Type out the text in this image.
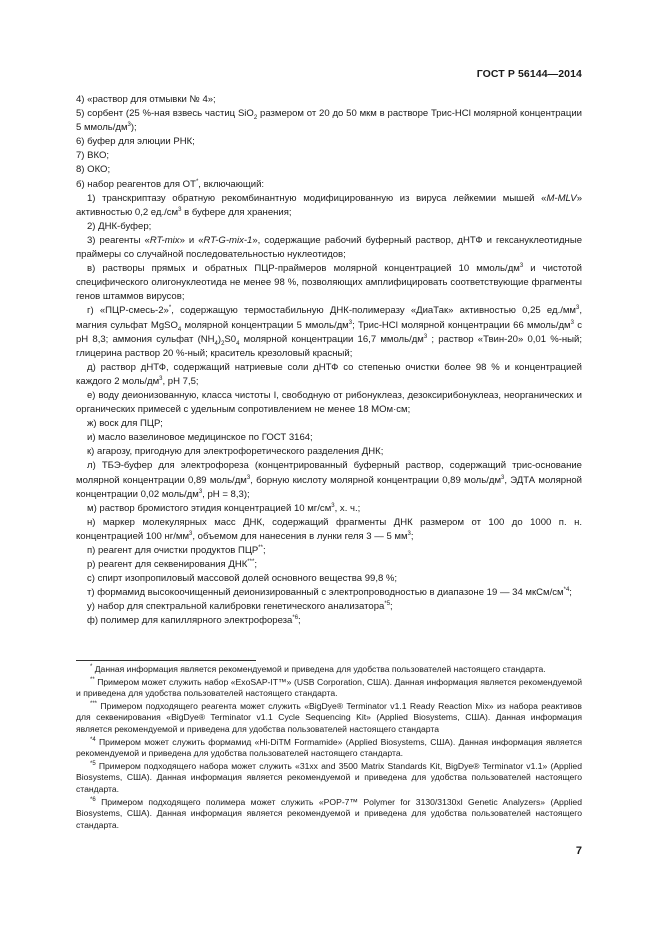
ГОСТ Р 56144—2014

4) «раствор для отмывки № 4»;

5) сорбент (25 %-ная взвесь частиц SiO$_2$ размером от 20 до 50 мкм в растворе Трис-HCl молярной концентрации 5 ммоль/$дм^3$);

6) буфер для элюции РНК;

7) ВКО;

8) ОКО;

б) набор реагентов для ОТ*, включающий:

1) транскриптазу обратную рекомбинантную модифицированную из вируса лейкемии мышей «M-MLV» активностью 0,2 $ед./см^3$ в буфере для хранения;

2) ДНК-буфер;

3) реагенты «RT-mix» и «RT-G-mix-1», содержащие рабочий буферный раствор, дНТФ и гексануклеотидные праймеры со случайной последовательностью нуклеотидов;

в) растворы прямых и обратных ПЦР-праймеров молярной концентрацией 10 ммоль/$дм^3$ и чистотой специфического олигонуклеотида не менее 98 %, позволяющих амплифицировать соответствующие фрагменты генов штаммов вирусов;

г) «ПЦР-смесь-2»*, содержащую термостабильную ДНК-полимеразу «ДиаТак» активностью 0,25 $ед./мм^3$, магния сульфат MgSO$_4$ молярной концентрации 5 ммоль/$дм^3$; Трис-HCl молярной концентрации 66 ммоль/$дм^3$ с pH 8,3; аммония сульфат $(NH_4)_2S0_4$ молярной концентрации 16,7 ммоль/$дм^3$ ; раствор «Твин-20» 0,01 %-ный; глицерина раствор 20 %-ный; краситель крезоловый красный;

д) раствор дНТФ, содержащий натриевые соли дНТФ со степенью очистки более 98 % и концентрацией каждого 2 моль/$дм^3$, pH 7,5;

е) воду деионизованную, класса чистоты I, свободную от рибонуклеаз, дезоксирибонуклеаз, неорганических и органических примесей с удельным сопротивлением не менее 18 МОм·см;

ж) воск для ПЦР;

и) масло вазелиновое медицинское по ГОСТ 3164;

к) агарозу, пригодную для электрофоретического разделения ДНК;

л) ТБЭ-буфер для электрофореза (концентрированный буферный раствор, содержащий трис-основание молярной концентрации 0,89 моль/$дм^3$, борную кислоту молярной концентрации 0,89 моль/$дм^3$, ЭДТА молярной концентрации 0,02 моль/$дм^3$, pH = 8,3);

м) раствор бромистого этидия концентрацией 10 $мг/см^3$, х. ч.;

н) маркер молекулярных масс ДНК, содержащий фрагменты ДНК размером от 100 до 1000 п. н. концентрацией 100 $нг/мм^3$, объемом для нанесения в лунки геля 3 — 5 $мм^3$;

п) реагент для очистки продуктов ПЦР**;

р) реагент для секвенирования ДНК***;

с) спирт изопропиловый массовой долей основного вещества 99,8 %;

т) формамид высокоочищенный деионизированный с электропроводностью в диапазоне 19 — 34 мкСм/$см^{*4}$;

у) набор для спектральной калибровки генетического анализатора$^{*5}$;

ф) полимер для капиллярного электрофореза$^{*6}$;

* Данная информация является рекомендуемой и приведена для удобства пользователей настоящего стандарта.

** Примером может служить набор «ExoSAP-IT™» (USB Corporation, США). Данная информация является рекомендуемой и приведена для удобства пользователей настоящего стандарта.

*** Примером подходящего реагента может служить «BigDye® Terminator v1.1 Ready Reaction Mix» из набора реактивов для секвенирования «BigDye® Terminator v1.1 Cycle Sequencing Kit» (Applied Biosystems, США). Данная информация является рекомендуемой и приведена для удобства пользователей настоящего стандарта

$^{*4}$ Примером может служить формамид «Hi-DiTM Formamide» (Applied Biosystems, США). Данная информация является рекомендуемой и приведена для удобства пользователей настоящего стандарта.

$^{*5}$ Примером подходящего набора может служить «31xx and 3500 Matrix Standards Kit, BigDye® Terminator v1.1» (Applied Biosystems, США). Данная информация является рекомендуемой и приведена для удобства пользователей настоящего стандарта.

$^{*6}$ Примером подходящего полимера может служить «POP-7™ Polymer for 3130/3130xl Genetic Analyzers» (Applied Biosystems, США). Данная информация является рекомендуемой и приведена для удобства пользователей настоящего стандарта.

7
